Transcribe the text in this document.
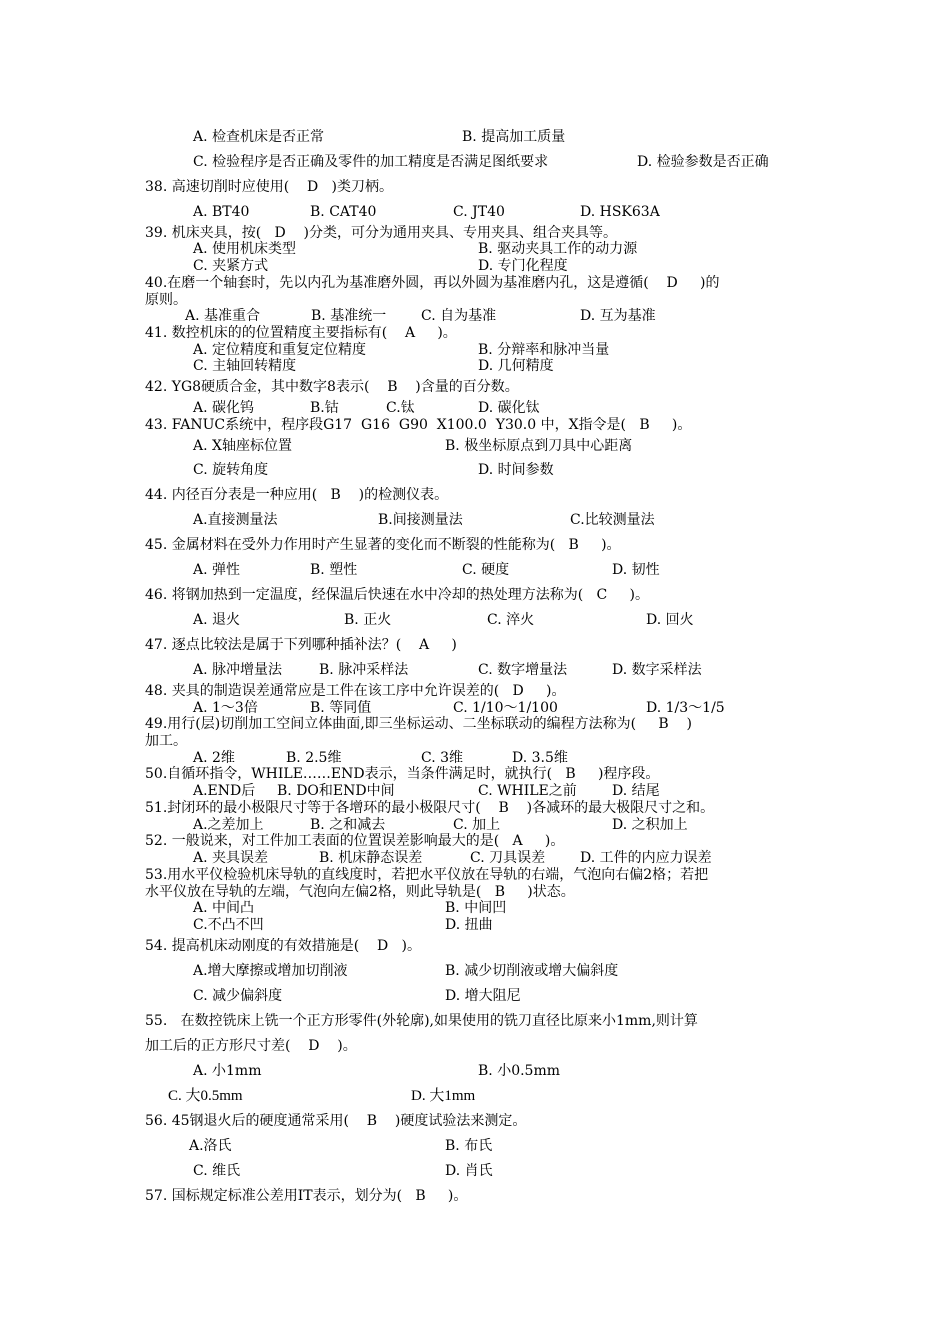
A. 检查机床是否正常	B. 提高加工质量
C. 检验程序是否正确及零件的加工精度是否满足图纸要求	D. 检验参数是否正确
38. 高速切削时应使用(    D   )类刀柄。
A. BT40	B. CAT40	C. JT40	D. HSK63A
39. 机床夹具，按(   D    )分类，可分为通用夹具、专用夹具、组合夹具等。
A. 使用机床类型	B. 驱动夹具工作的动力源
C. 夹紧方式	D. 专门化程度
40.在磨一个轴套时，先以内孔为基准磨外圆，再以外圆为基准磨内孔，这是遵循(    D     )的
原则。
A. 基准重合	B. 基准统一 C. 自为基准	D. 互为基准
41. 数控机床的的位置精度主要指标有(    A     )。
A. 定位精度和重复定位精度	B. 分辩率和脉冲当量
C. 主轴回转精度	D. 几何精度
42. YG8硬质合金，其中数字8表示(    B    )含量的百分数。
A. 碳化钨	B.钴	C.钛	D. 碳化钛
43. FANUC系统中，程序段G17  G16  G90  X100.0  Y30.0 中，X指令是(   B     )。
A. X轴座标位置	B. 极坐标原点到刀具中心距离
C. 旋转角度	D. 时间参数
44. 内径百分表是一种应用(   B    )的检测仪表。
A.直接测量法	B.间接测量法	C.比较测量法
45. 金属材料在受外力作用时产生显著的变化而不断裂的性能称为(   B     )。
A. 弹性	B. 塑性	C. 硬度	D. 韧性
46. 将钢加热到一定温度，经保温后快速在水中冷却的热处理方法称为(   C     )。
A. 退火	B. 正火	C. 淬火	D. 回火
47. 逐点比较法是属于下列哪种插补法？(    A     )
A. 脉冲增量法	B. 脉冲采样法	C. 数字增量法	D. 数字采样法
48. 夹具的制造误差通常应是工件在该工序中允许误差的(   D     )。
A. 1～3倍	B. 等同值	C. 1/10～1/100	D. 1/3～1/5
49.用行(层)切削加工空间立体曲面,即三坐标运动、二坐标联动的编程方法称为(     B    )
加工。
A. 2维	B. 2.5维	C. 3维	D. 3.5维
50.自循环指令，WHILE……END表示，当条件满足时，就执行(   B     )程序段。
A.END后 B. DO和END中间	C. WHILE之前	D. 结尾
51.封闭环的最小极限尺寸等于各增环的最小极限尺寸(    B    )各减环的最大极限尺寸之和。
A.之差加上	B. 之和减去	C. 加上	D. 之积加上
52. 一般说来，对工件加工表面的位置误差影响最大的是(   A     )。
A. 夹具误差	B. 机床静态误差	C. 刀具误差 D. 工件的内应力误差
53.用水平仪检验机床导轨的直线度时，若把水平仪放在导轨的右端，气泡向右偏2格；若把
水平仪放在导轨的左端，气泡向左偏2格，则此导轨是(   B     )状态。
A. 中间凸	B. 中间凹
C.不凸不凹	D. 扭曲
54. 提高机床动刚度的有效措施是(    D   )。
A.增大摩擦或增加切削液	B. 减少切削液或增大偏斜度
C. 减少偏斜度	D. 增大阻尼
55.   在数控铣床上铣一个正方形零件(外轮廓),如果使用的铣刀直径比原来小1mm,则计算
加工后的正方形尺寸差(    D    )。
A. 小1mm	B. 小0.5mm
C. 大0.5mm	D. 大1mm
56. 45钢退火后的硬度通常采用(    B    )硬度试验法来测定。
A.洛氏	B. 布氏
C. 维氏	D. 肖氏
57. 国标规定标准公差用IT表示，划分为(   B     )。
